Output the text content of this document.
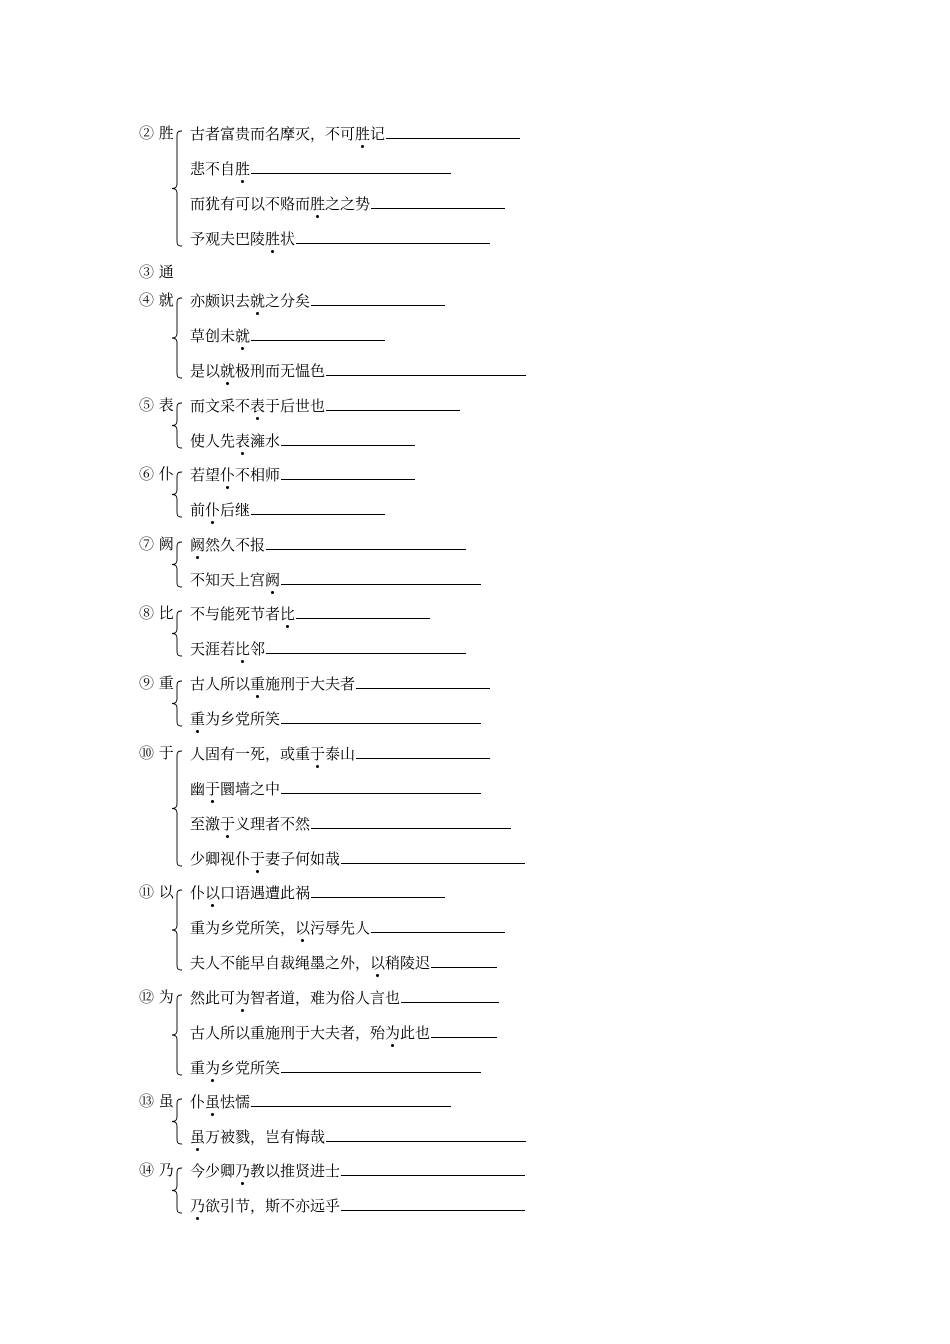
② 胜 古者富贵而名摩灭，不可胜记
悲不自胜
而犹有可以不赂而胜之之势
予观夫巴陵胜状
③ 通
④ 就 亦颇识去就之分矣
草创未就
是以就极刑而无愠色
⑤ 表 而文采不表于后世也
使人先表澭水
⑥ 仆 若望仆不相师
前仆后继
⑦ 阙 阙然久不报
不知天上宫阙
⑧ 比 不与能死节者比
天涯若比邻
⑨ 重 古人所以重施刑于大夫者
重为乡党所笑
⑩ 于 人固有一死，或重于泰山
幽于圜墙之中
至激于义理者不然
少卿视仆于妻子何如哉
⑪ 以 仆以口语遇遭此祸
重为乡党所笑，以污辱先人
夫人不能早自裁绳墨之外，以稍陵迟
⑫ 为 然此可为智者道，难为俗人言也
古人所以重施刑于大夫者，殆为此也
重为乡党所笑
⑬ 虽 仆虽怯懦
虽万被戮，岂有悔哉
⑭ 乃 今少卿乃教以推贤进士
乃欲引节，斯不亦远乎
